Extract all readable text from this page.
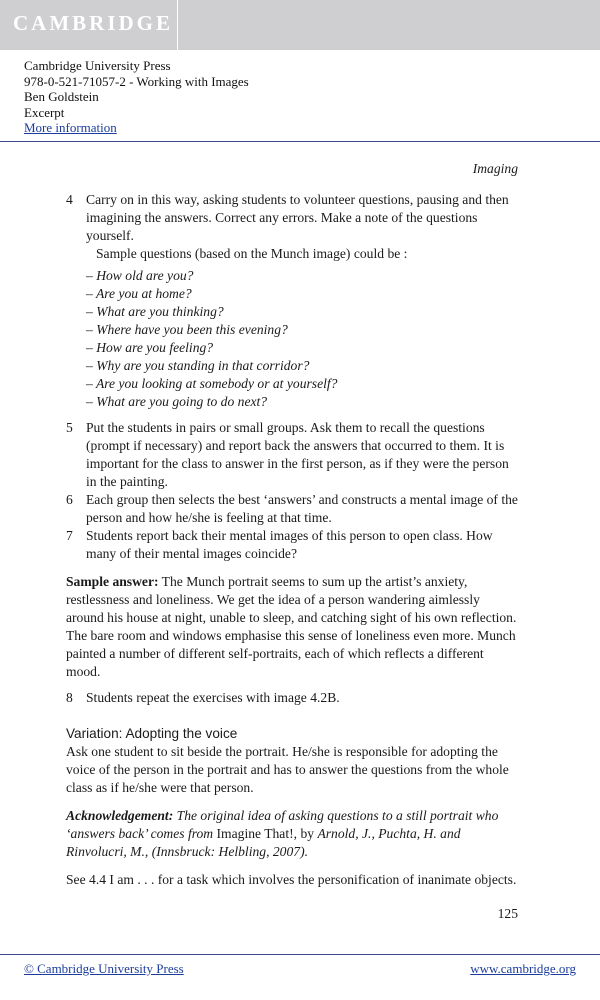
CAMBRIDGE
Cambridge University Press
978-0-521-71057-2 - Working with Images
Ben Goldstein
Excerpt
More information
Imaging
4 Carry on in this way, asking students to volunteer questions, pausing and then imagining the answers. Correct any errors. Make a note of the questions yourself.
Sample questions (based on the Munch image) could be :
– How old are you?
– Are you at home?
– What are you thinking?
– Where have you been this evening?
– How are you feeling?
– Why are you standing in that corridor?
– Are you looking at somebody or at yourself?
– What are you going to do next?
5 Put the students in pairs or small groups. Ask them to recall the questions (prompt if necessary) and report back the answers that occurred to them. It is important for the class to answer in the first person, as if they were the person in the painting.
6 Each group then selects the best ‘answers’ and constructs a mental image of the person and how he/she is feeling at that time.
7 Students report back their mental images of this person to open class. How many of their mental images coincide?
Sample answer: The Munch portrait seems to sum up the artist’s anxiety, restlessness and loneliness. We get the idea of a person wandering aimlessly around his house at night, unable to sleep, and catching sight of his own reflection. The bare room and windows emphasise this sense of loneliness even more. Munch painted a number of different self-portraits, each of which reflects a different mood.
8 Students repeat the exercises with image 4.2B.
Variation: Adopting the voice
Ask one student to sit beside the portrait. He/she is responsible for adopting the voice of the person in the portrait and has to answer the questions from the whole class as if he/she were that person.
Acknowledgement: The original idea of asking questions to a still portrait who ‘answers back’ comes from Imagine That!, by Arnold, J., Puchta, H. and Rinvolucri, M., (Innsbruck: Helbling, 2007).
See 4.4 I am . . . for a task which involves the personification of inanimate objects.
125
© Cambridge University Press	www.cambridge.org
